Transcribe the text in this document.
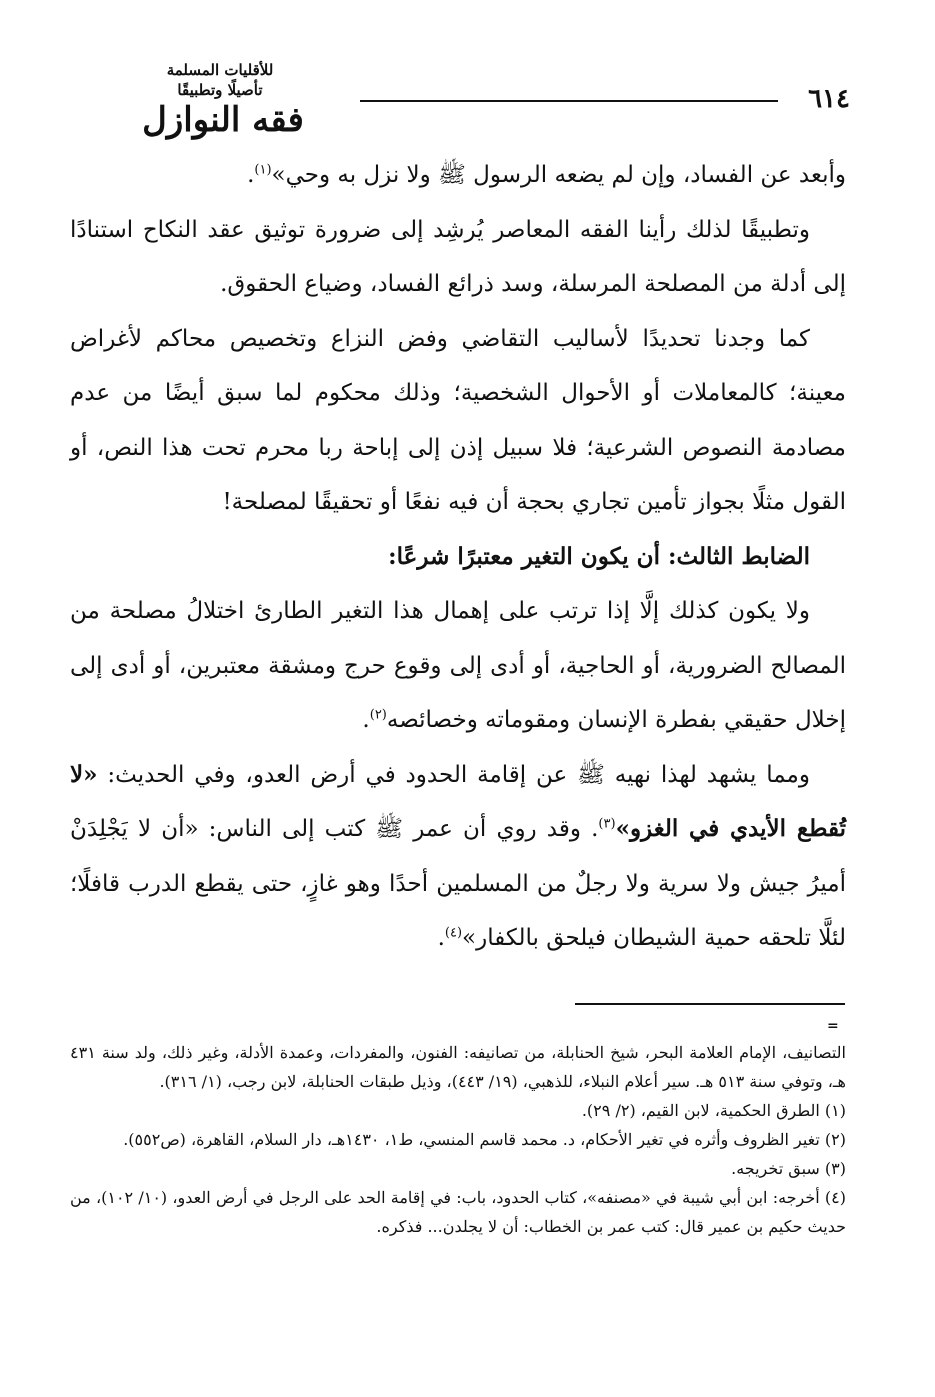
للأقليات المسلمة
تأصيلًا وتطبيقًا
فقه النوازل
٦١٤

وأبعد عن الفساد، وإن لم يضعه الرسول ﷺ ولا نزل به وحي»$^{(١)}$.

وتطبيقًا لذلك رأينا الفقه المعاصر يُرشِد إلى ضرورة توثيق عقد النكاح استنادًا إلى أدلة من المصلحة المرسلة، وسد ذرائع الفساد، وضياع الحقوق.

كما وجدنا تحديدًا لأساليب التقاضي وفض النزاع وتخصيص محاكم لأغراض معينة؛ كالمعاملات أو الأحوال الشخصية؛ وذلك محكوم لما سبق أيضًا من عدم مصادمة النصوص الشرعية؛ فلا سبيل إذن إلى إباحة ربا محرم تحت هذا النص، أو القول مثلًا بجواز تأمين تجاري بحجة أن فيه نفعًا أو تحقيقًا لمصلحة!

الضابط الثالث: أن يكون التغير معتبرًا شرعًا:

ولا يكون كذلك إلَّا إذا ترتب على إهمال هذا التغير الطارئ اختلالُ مصلحة من المصالح الضرورية، أو الحاجية، أو أدى إلى وقوع حرج ومشقة معتبرين، أو أدى إلى إخلال حقيقي بفطرة الإنسان ومقوماته وخصائصه$^{(٢)}$.

ومما يشهد لهذا نهيه ﷺ عن إقامة الحدود في أرض العدو، وفي الحديث: «لا تُقطع الأيدي في الغزو»$^{(٣)}$. وقد روي أن عمر ﷺ كتب إلى الناس: «أن لا يَجْلِدَنْ أميرُ جيش ولا سرية ولا رجلٌ من المسلمين أحدًا وهو غازٍ، حتى يقطع الدرب قافلًا؛ لئلَّا تلحقه حمية الشيطان فيلحق بالكفار»$^{(٤)}$.

=

التصانيف، الإمام العلامة البحر، شيخ الحنابلة، من تصانيفه: الفنون، والمفردات، وعمدة الأدلة، وغير ذلك، ولد سنة ٤٣١ هـ، وتوفي سنة ٥١٣ هـ. سير أعلام النبلاء، للذهبي، (١٩/ ٤٤٣)، وذيل طبقات الحنابلة، لابن رجب، (١/ ٣١٦).

(١) الطرق الحكمية، لابن القيم، (٢/ ٢٩).

(٢) تغير الظروف وأثره في تغير الأحكام، د. محمد قاسم المنسي، ط١، ١٤٣٠هـ، دار السلام، القاهرة، (ص٥٥٢).

(٣) سبق تخريجه.

(٤) أخرجه: ابن أبي شيبة في «مصنفه»، كتاب الحدود، باب: في إقامة الحد على الرجل في أرض العدو، (١٠/ ١٠٢)، من حديث حكيم بن عمير قال: كتب عمر بن الخطاب: أن لا يجلدن... فذكره.
